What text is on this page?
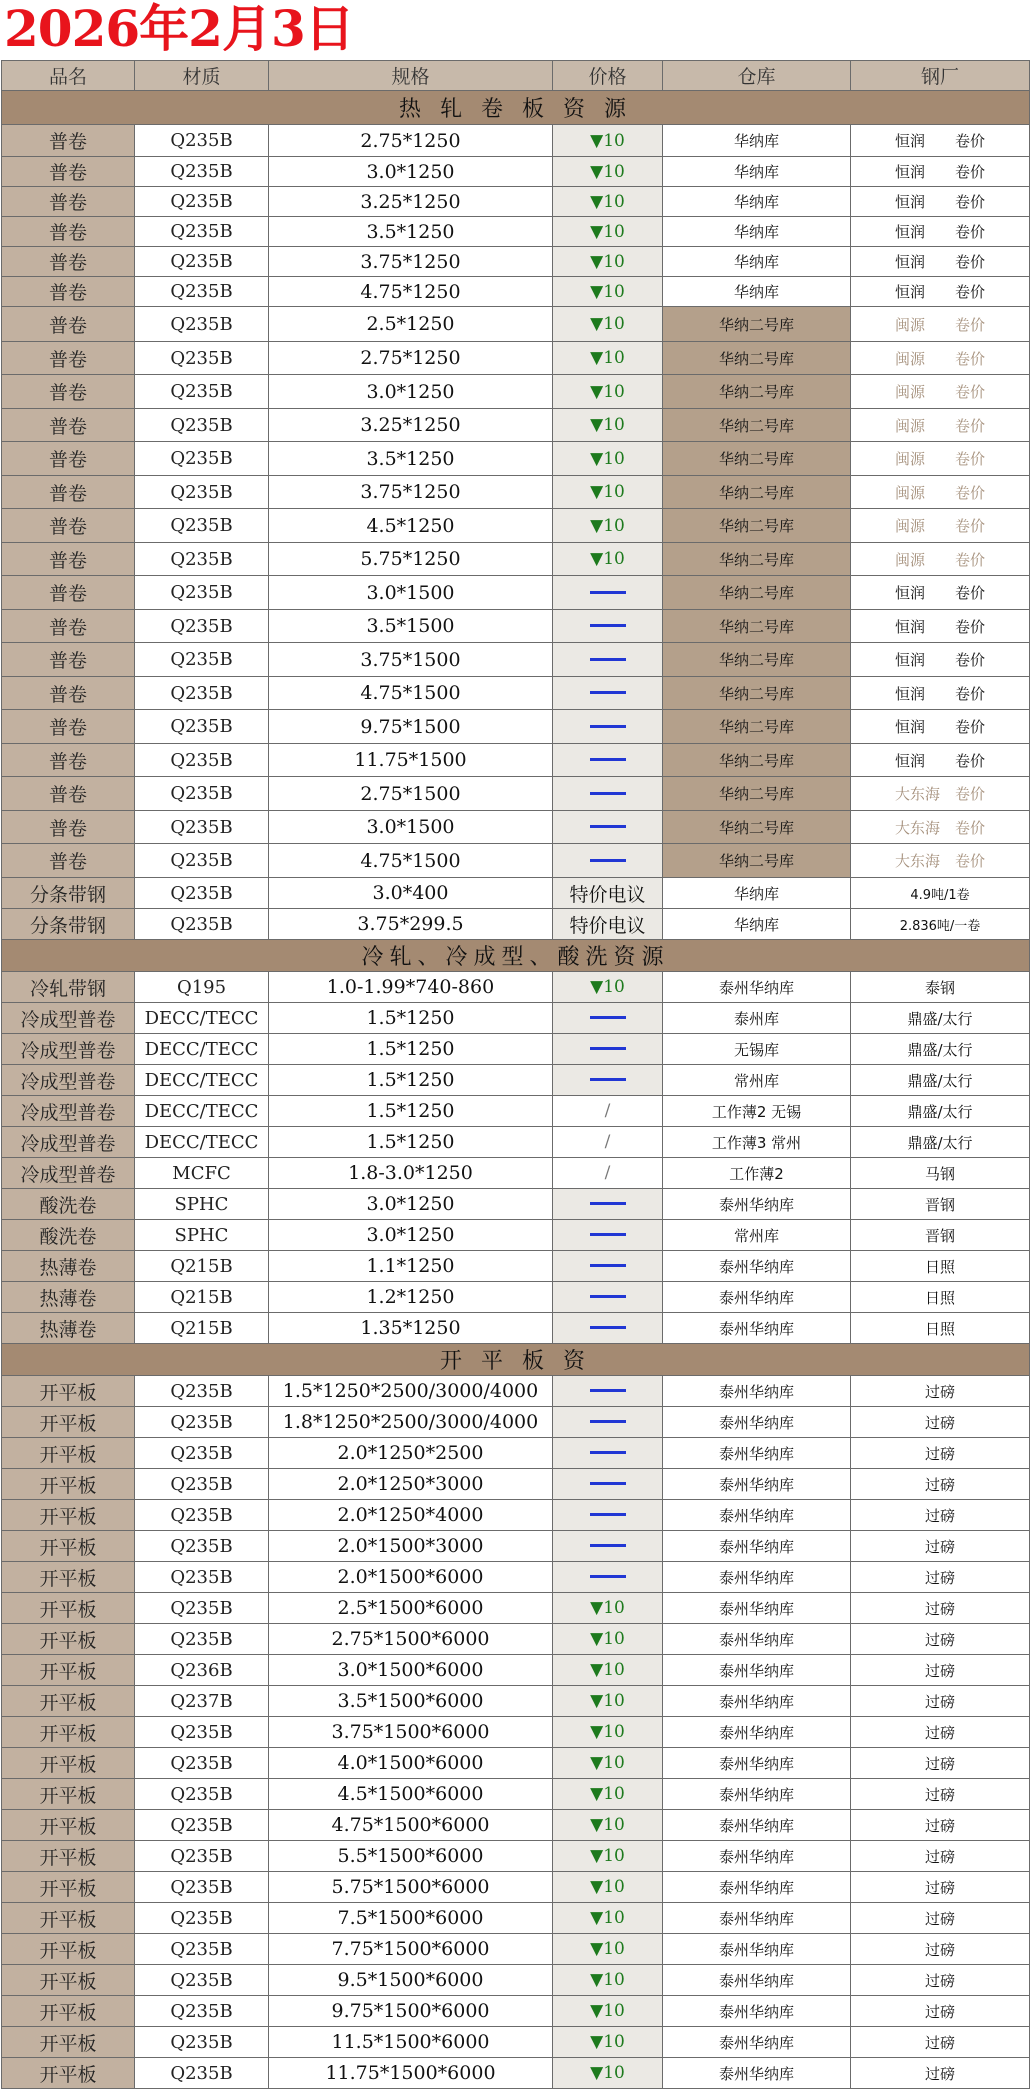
2026年2月3日
品名	材质	规格	价格	仓库	钢厂
热 轧 卷 板 资 源					
普卷	Q235B	2.75*1250	▼10	华纳库	恒润　　卷价
普卷	Q235B	3.0*1250	▼10	华纳库	恒润　　卷价
普卷	Q235B	3.25*1250	▼10	华纳库	恒润　　卷价
普卷	Q235B	3.5*1250	▼10	华纳库	恒润　　卷价
普卷	Q235B	3.75*1250	▼10	华纳库	恒润　　卷价
普卷	Q235B	4.75*1250	▼10	华纳库	恒润　　卷价
普卷	Q235B	2.5*1250	▼10	华纳二号库	闽源　　卷价
普卷	Q235B	2.75*1250	▼10	华纳二号库	闽源　　卷价
普卷	Q235B	3.0*1250	▼10	华纳二号库	闽源　　卷价
普卷	Q235B	3.25*1250	▼10	华纳二号库	闽源　　卷价
普卷	Q235B	3.5*1250	▼10	华纳二号库	闽源　　卷价
普卷	Q235B	3.75*1250	▼10	华纳二号库	闽源　　卷价
普卷	Q235B	4.5*1250	▼10	华纳二号库	闽源　　卷价
普卷	Q235B	5.75*1250	▼10	华纳二号库	闽源　　卷价
普卷	Q235B	3.0*1500		华纳二号库	恒润　　卷价
普卷	Q235B	3.5*1500		华纳二号库	恒润　　卷价
普卷	Q235B	3.75*1500		华纳二号库	恒润　　卷价
普卷	Q235B	4.75*1500		华纳二号库	恒润　　卷价
普卷	Q235B	9.75*1500		华纳二号库	恒润　　卷价
普卷	Q235B	11.75*1500		华纳二号库	恒润　　卷价
普卷	Q235B	2.75*1500		华纳二号库	大东海　卷价
普卷	Q235B	3.0*1500		华纳二号库	大东海　卷价
普卷	Q235B	4.75*1500		华纳二号库	大东海　卷价
分条带钢	Q235B	3.0*400	特价电议	华纳库	4.9吨/1卷
分条带钢	Q235B	3.75*299.5	特价电议	华纳库	2.836吨/一卷
冷轧、冷成型、酸洗资源					
冷轧带钢	Q195	1.0-1.99*740-860	▼10	泰州华纳库	泰钢
冷成型普卷	DECC/TECC	1.5*1250		泰州库	鼎盛/太行
冷成型普卷	DECC/TECC	1.5*1250		无锡库	鼎盛/太行
冷成型普卷	DECC/TECC	1.5*1250		常州库	鼎盛/太行
冷成型普卷	DECC/TECC	1.5*1250	/	工作薄2 无锡	鼎盛/太行
冷成型普卷	DECC/TECC	1.5*1250	/	工作薄3 常州	鼎盛/太行
冷成型普卷	MCFC	1.8-3.0*1250	/	工作薄2	马钢
酸洗卷	SPHC	3.0*1250		泰州华纳库	晋钢
酸洗卷	SPHC	3.0*1250		常州库	晋钢
热薄卷	Q215B	1.1*1250		泰州华纳库	日照
热薄卷	Q215B	1.2*1250		泰州华纳库	日照
热薄卷	Q215B	1.35*1250		泰州华纳库	日照
开 平 板 资					
开平板	Q235B	1.5*1250*2500/3000/4000		泰州华纳库	过磅
开平板	Q235B	1.8*1250*2500/3000/4000		泰州华纳库	过磅
开平板	Q235B	2.0*1250*2500		泰州华纳库	过磅
开平板	Q235B	2.0*1250*3000		泰州华纳库	过磅
开平板	Q235B	2.0*1250*4000		泰州华纳库	过磅
开平板	Q235B	2.0*1500*3000		泰州华纳库	过磅
开平板	Q235B	2.0*1500*6000		泰州华纳库	过磅
开平板	Q235B	2.5*1500*6000	▼10	泰州华纳库	过磅
开平板	Q235B	2.75*1500*6000	▼10	泰州华纳库	过磅
开平板	Q236B	3.0*1500*6000	▼10	泰州华纳库	过磅
开平板	Q237B	3.5*1500*6000	▼10	泰州华纳库	过磅
开平板	Q235B	3.75*1500*6000	▼10	泰州华纳库	过磅
开平板	Q235B	4.0*1500*6000	▼10	泰州华纳库	过磅
开平板	Q235B	4.5*1500*6000	▼10	泰州华纳库	过磅
开平板	Q235B	4.75*1500*6000	▼10	泰州华纳库	过磅
开平板	Q235B	5.5*1500*6000	▼10	泰州华纳库	过磅
开平板	Q235B	5.75*1500*6000	▼10	泰州华纳库	过磅
开平板	Q235B	7.5*1500*6000	▼10	泰州华纳库	过磅
开平板	Q235B	7.75*1500*6000	▼10	泰州华纳库	过磅
开平板	Q235B	9.5*1500*6000	▼10	泰州华纳库	过磅
开平板	Q235B	9.75*1500*6000	▼10	泰州华纳库	过磅
开平板	Q235B	11.5*1500*6000	▼10	泰州华纳库	过磅
开平板	Q235B	11.75*1500*6000	▼10	泰州华纳库	过磅
